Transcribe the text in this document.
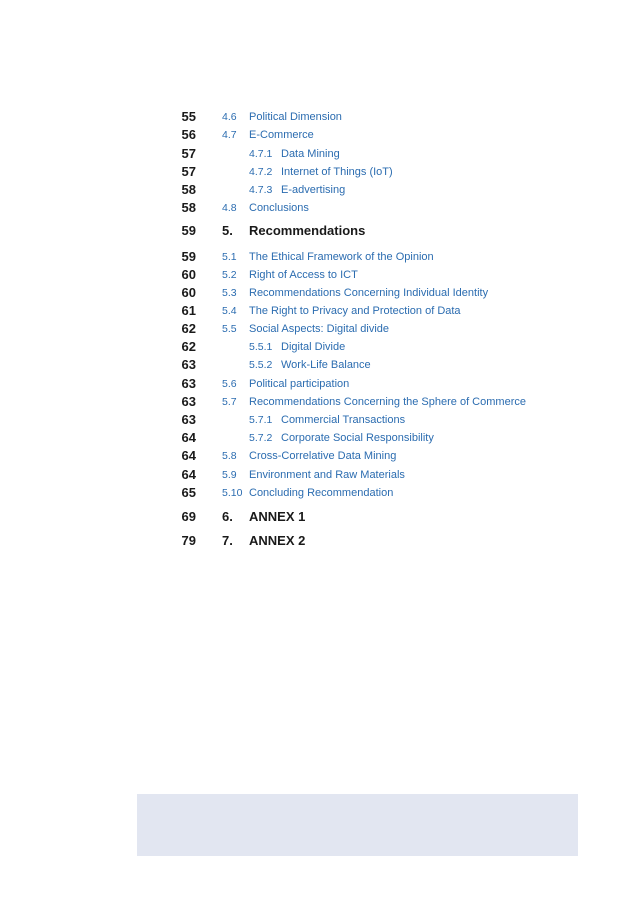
55 4.6 Political Dimension
56 4.7 E-Commerce
57	4.7.1 Data Mining
57	4.7.2 Internet of Things (IoT)
58	4.7.3 E-advertising
58 4.8 Conclusions
59 5. Recommendations
59 5.1 The Ethical Framework of the Opinion
60 5.2 Right of Access to ICT
60 5.3 Recommendations Concerning Individual Identity
61 5.4 The Right to Privacy and Protection of Data
62 5.5 Social Aspects: Digital divide
62	5.5.1 Digital Divide
63	5.5.2 Work-Life Balance
63 5.6 Political participation
63 5.7 Recommendations Concerning the Sphere of Commerce
63	5.7.1 Commercial Transactions
64	5.7.2 Corporate Social Responsibility
64 5.8 Cross-Correlative Data Mining
64 5.9 Environment and Raw Materials
65 5.10 Concluding Recommendation
69 6. ANNEX 1
79 7. ANNEX 2
